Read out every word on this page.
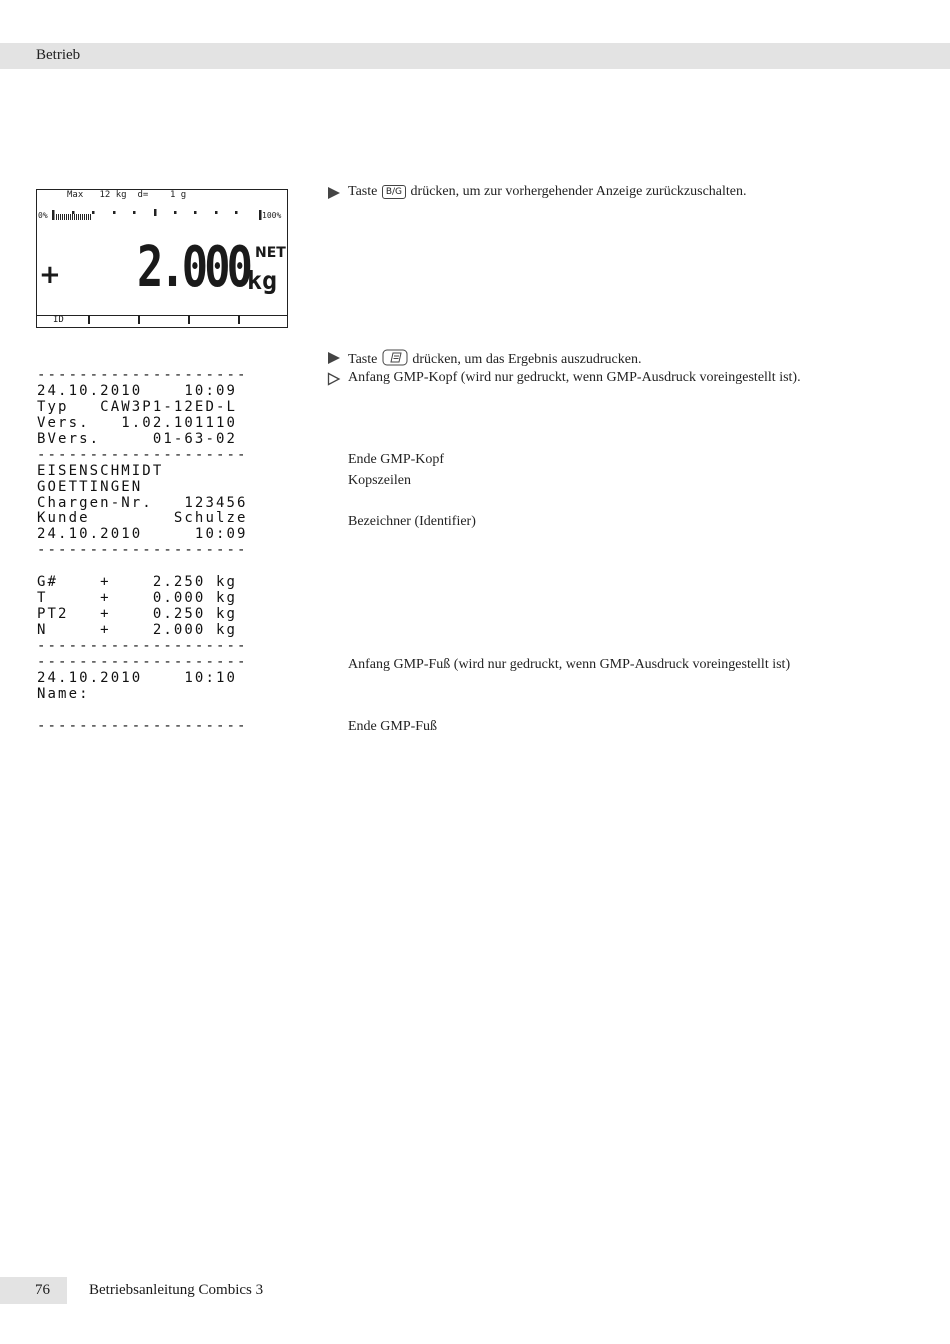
Betrieb
Max   12 kg  d=    1 g
0%	100%
+ 2.000 NET
kg
ID
--------------------
24.10.2010    10:09
Typ   CAW3P1-12ED-L
Vers.   1.02.101110
BVers.     01-63-02
--------------------
EISENSCHMIDT
GOETTINGEN
Chargen-Nr.   123456
Kunde        Schulze
24.10.2010     10:09
--------------------
G#    +    2.250 kg
T     +    0.000 kg
PT2   +    0.250 kg
N     +    2.000 kg
--------------------
--------------------
24.10.2010    10:10
Name:
--------------------
Taste B/G drücken, um zur vorhergehender Anzeige zurückzuschalten.
Taste	drücken, um das Ergebnis auszudrucken.
Anfang GMP-Kopf (wird nur gedruckt, wenn GMP-Ausdruck voreingestellt ist).
Ende GMP-Kopf
Kopszeilen
Bezeichner (Identifier)
Anfang GMP-Fuß (wird nur gedruckt, wenn GMP-Ausdruck voreingestellt ist)
Ende GMP-Fuß
76	Betriebsanleitung Combics 3
